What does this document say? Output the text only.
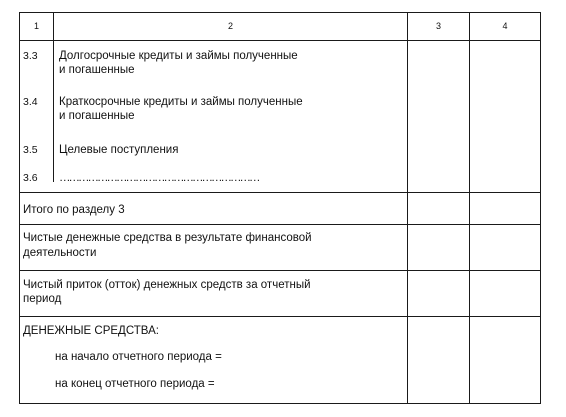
1	2	3	4
3.3 Долгосрочные кредиты и займы полученные
и погашенные
3.4 Краткосрочные кредиты и займы полученные
и погашенные
3.5 Целевые поступления
3.6 ………………………………………………………
Итого по разделу 3
Чистые денежные средства в результате финансовой
деятельности
Чистый приток (отток) денежных средств за отчетный
период
ДЕНЕЖНЫЕ СРЕДСТВА:
на начало отчетного периода =
на конец отчетного периода =
